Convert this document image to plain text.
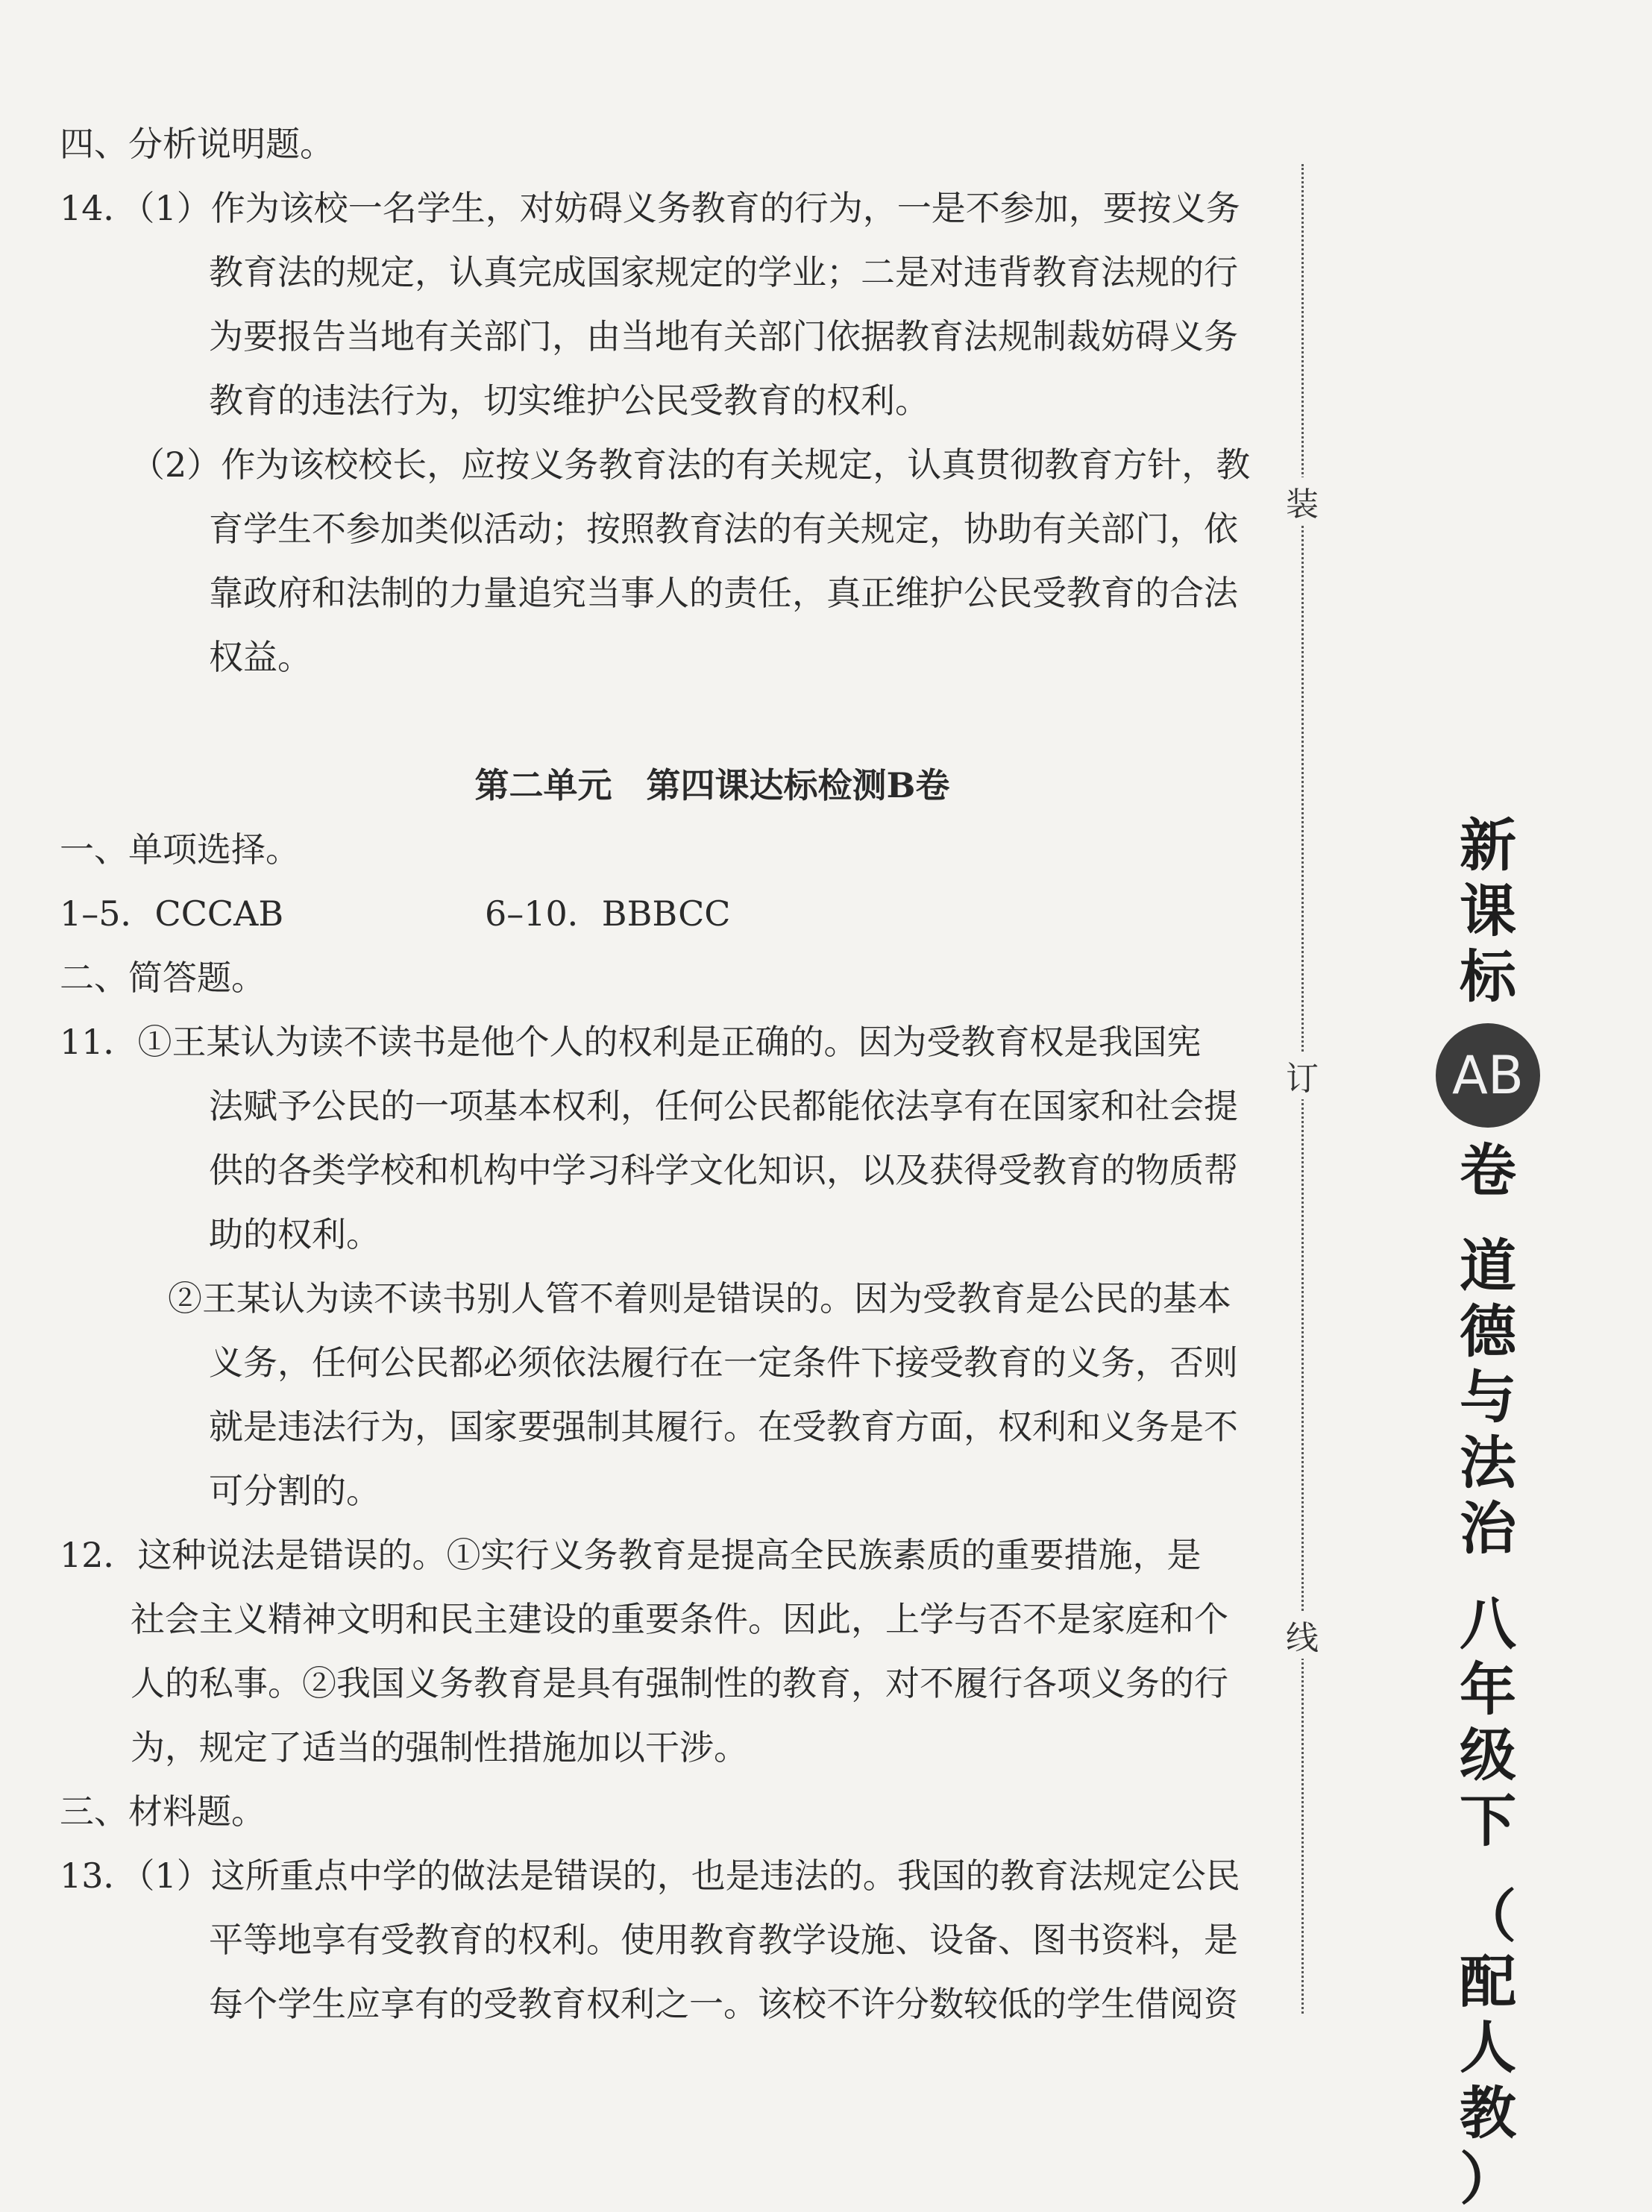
四、分析说明题。
14．（1）作为该校一名学生，对妨碍义务教育的行为，一是不参加，要按义务
教育法的规定，认真完成国家规定的学业；二是对违背教育法规的行
为要报告当地有关部门，由当地有关部门依据教育法规制裁妨碍义务
教育的违法行为，切实维护公民受教育的权利。
（2）作为该校校长，应按义务教育法的有关规定，认真贯彻教育方针，教
育学生不参加类似活动；按照教育法的有关规定，协助有关部门，依
靠政府和法制的力量追究当事人的责任，真正维护公民受教育的合法
权益。
第二单元　第四课达标检测B卷
一、单项选择。
1–5．CCCAB	6–10．BBBCC
二、简答题。
11．①王某认为读不读书是他个人的权利是正确的。因为受教育权是我国宪
法赋予公民的一项基本权利，任何公民都能依法享有在国家和社会提
供的各类学校和机构中学习科学文化知识，以及获得受教育的物质帮
助的权利。
②王某认为读不读书别人管不着则是错误的。因为受教育是公民的基本
义务，任何公民都必须依法履行在一定条件下接受教育的义务，否则
就是违法行为，国家要强制其履行。在受教育方面，权利和义务是不
可分割的。
12．这种说法是错误的。①实行义务教育是提高全民族素质的重要措施，是
社会主义精神文明和民主建设的重要条件。因此，上学与否不是家庭和个
人的私事。②我国义务教育是具有强制性的教育，对不履行各项义务的行
为，规定了适当的强制性措施加以干涉。
三、材料题。
13．（1）这所重点中学的做法是错误的，也是违法的。我国的教育法规定公民
平等地享有受教育的权利。使用教育教学设施、设备、图书资料，是
每个学生应享有的受教育权利之一。该校不许分数较低的学生借阅资
装
订
线
新
课
标
AB
卷
道
德
与
法
治
八
年
级
下
（
配
人
教
）
